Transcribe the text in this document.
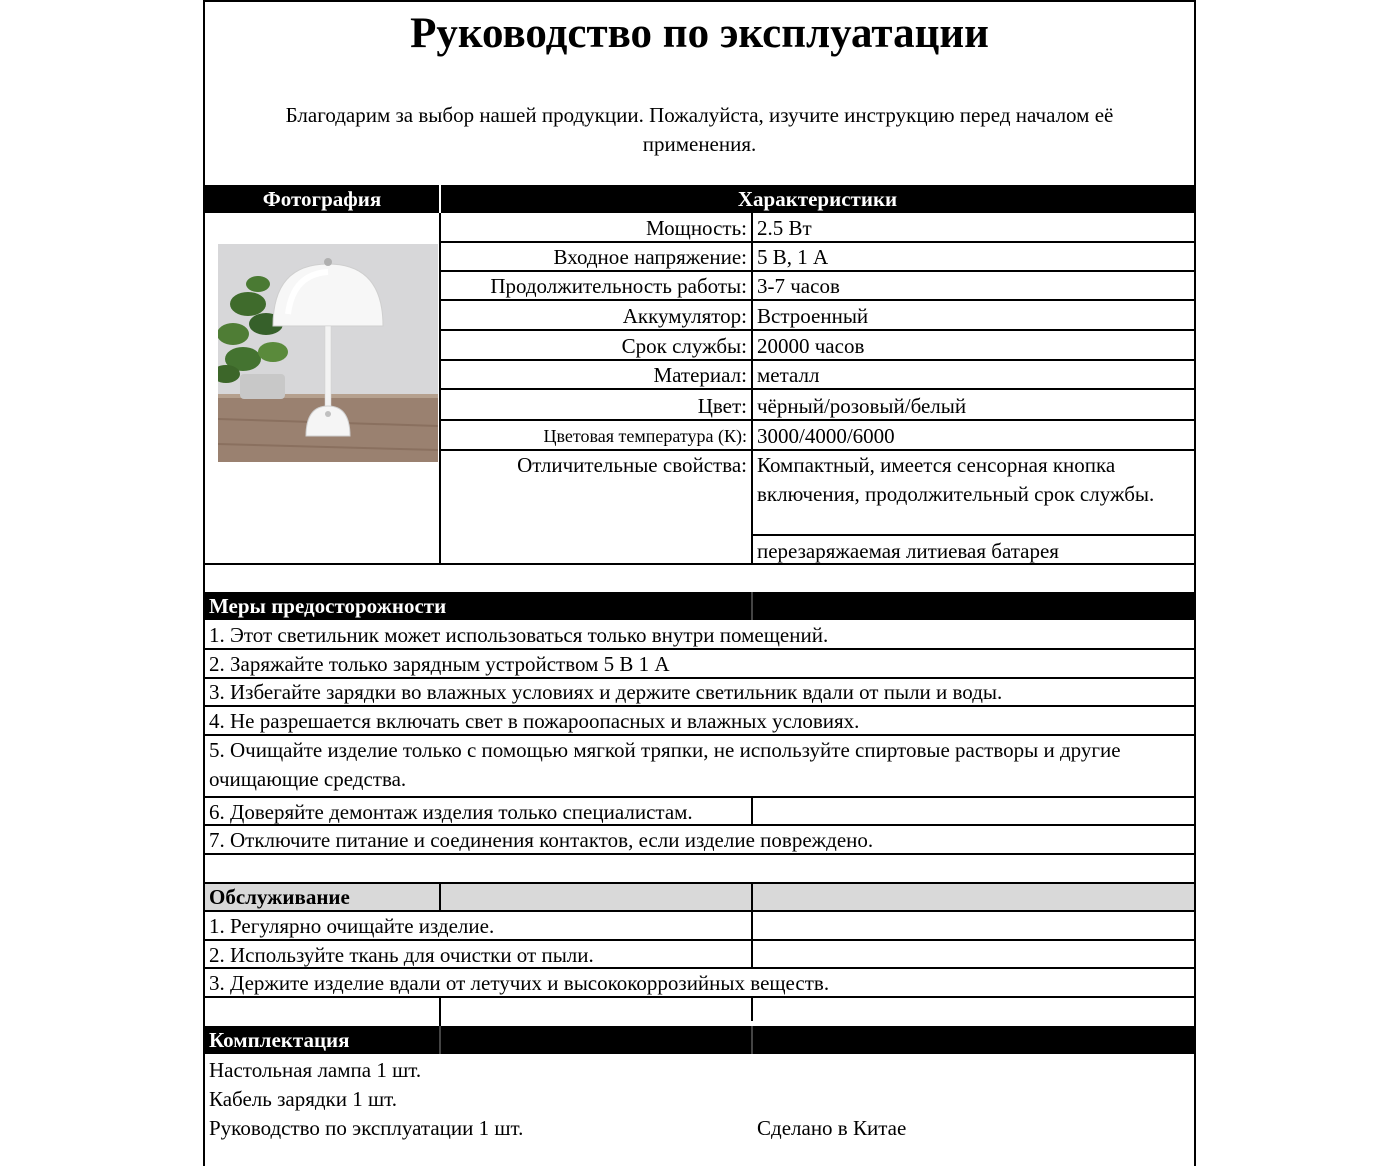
Руководство по эксплуатации
Благодарим за выбор нашей продукции. Пожалуйста, изучите инструкцию перед началом её применения.
Фотография	Характеристики
Мощность: 2.5 Вт
Входное напряжение: 5 В, 1 А
Продолжительность работы: 3-7 часов
Аккумулятор: Встроенный
Срок службы: 20000 часов
Материал: металл
Цвет: чёрный/розовый/белый
Цветовая температура (К): 3000/4000/6000
Отличительные свойства: Компактный, имеется сенсорная кнопка включения, продолжительный срок службы.
перезаряжаемая литиевая батарея
Меры предосторожности
1. Этот светильник может использоваться только внутри помещений.
2. Заряжайте только зарядным устройством 5 В 1 А
3. Избегайте зарядки во влажных условиях и держите светильник вдали от пыли и воды.
4. Не разрешается включать свет в пожароопасных и влажных условиях.
5. Очищайте изделие только с помощью мягкой тряпки, не используйте спиртовые растворы и другие очищающие средства.
6. Доверяйте демонтаж изделия только специалистам.
7. Отключите питание и соединения контактов, если изделие повреждено.
Обслуживание
1. Регулярно очищайте изделие.
2. Используйте ткань для очистки от пыли.
3. Держите изделие вдали от летучих и высококоррозийных веществ.
Комплектация
Настольная лампа 1 шт.
Кабель зарядки 1 шт.
Руководство по эксплуатации 1 шт.	Сделано в Китае
